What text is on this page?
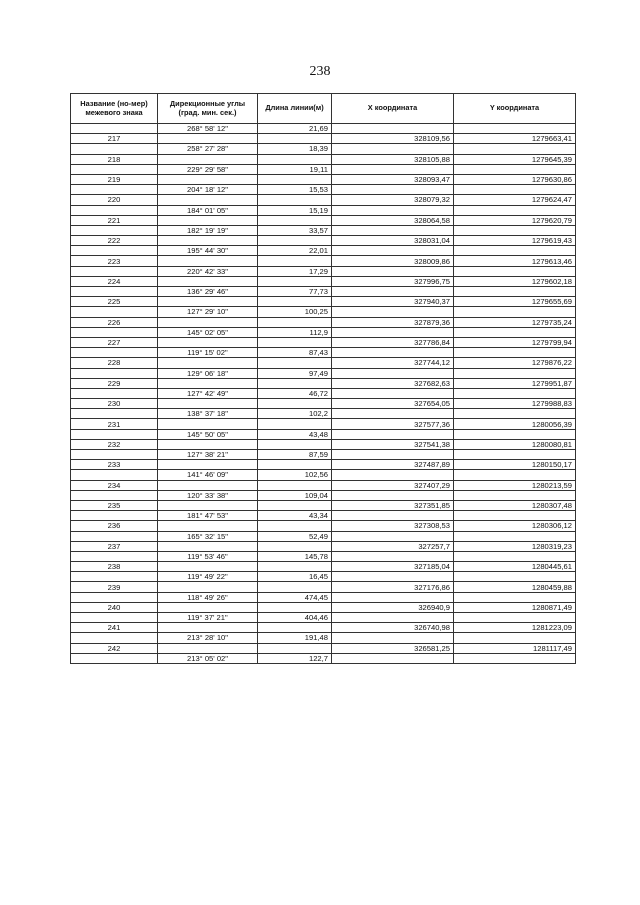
238
Название (но-мер) межевого знака	Дирекционные углы (град. мин. сек.)	Длина линии(м)	X координата	Y координата
	268° 58' 12"	21,69		
217			328109,56	1279663,41
	258° 27' 28"	18,39		
218			328105,88	1279645,39
	229° 29' 58"	19,11		
219			328093,47	1279630,86
	204° 18' 12"	15,53		
220			328079,32	1279624,47
	184° 01' 05"	15,19		
221			328064,58	1279620,79
	182° 19' 19"	33,57		
222			328031,04	1279619,43
	195° 44' 30"	22,01		
223			328009,86	1279613,46
	220° 42' 33"	17,29		
224			327996,75	1279602,18
	136° 29' 46"	77,73		
225			327940,37	1279655,69
	127° 29' 10"	100,25		
226			327879,36	1279735,24
	145° 02' 05"	112,9		
227			327786,84	1279799,94
	119° 15' 02"	87,43		
228			327744,12	1279876,22
	129° 06' 18"	97,49		
229			327682,63	1279951,87
	127° 42' 49"	46,72		
230			327654,05	1279988,83
	138° 37' 18"	102,2		
231			327577,36	1280056,39
	145° 50' 05"	43,48		
232			327541,38	1280080,81
	127° 38' 21"	87,59		
233			327487,89	1280150,17
	141° 46' 09"	102,56		
234			327407,29	1280213,59
	120° 33' 38"	109,04		
235			327351,85	1280307,48
	181° 47' 53"	43,34		
236			327308,53	1280306,12
	165° 32' 15"	52,49		
237			327257,7	1280319,23
	119° 53' 46"	145,78		
238			327185,04	1280445,61
	119° 49' 22"	16,45		
239			327176,86	1280459,88
	118° 49' 26"	474,45		
240			326940,9	1280871,49
	119° 37' 21"	404,46		
241			326740,98	1281223,09
	213° 28' 10"	191,48		
242			326581,25	1281117,49
	213° 05' 02"	122,7		
